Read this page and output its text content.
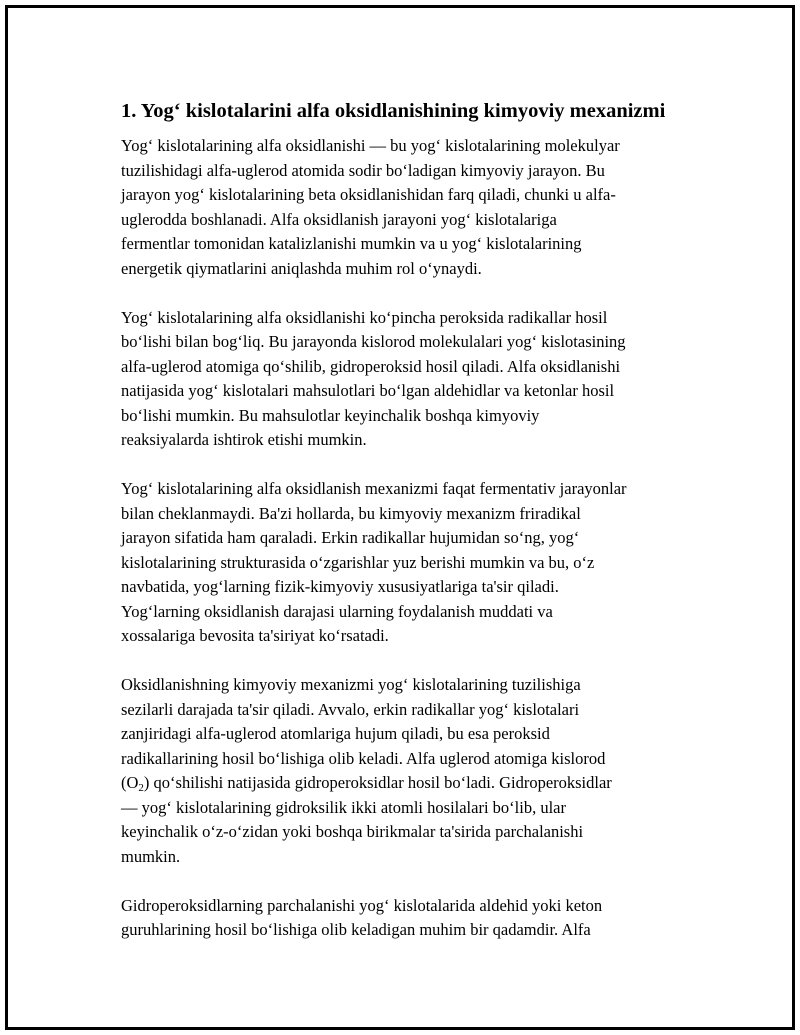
1. Yog‘ kislotalarini alfa oksidlanishining kimyoviy mexanizmi

Yog‘ kislotalarining alfa oksidlanishi — bu yog‘ kislotalarining molekulyar
tuzilishidagi alfa-uglerod atomida sodir bo‘ladigan kimyoviy jarayon. Bu
jarayon yog‘ kislotalarining beta oksidlanishidan farq qiladi, chunki u alfa-
uglerodda boshlanadi. Alfa oksidlanish jarayoni yog‘ kislotalariga
fermentlar tomonidan katalizlanishi mumkin va u yog‘ kislotalarining
energetik qiymatlarini aniqlashda muhim rol o‘ynaydi.

Yog‘ kislotalarining alfa oksidlanishi ko‘pincha peroksida radikallar hosil
bo‘lishi bilan bog‘liq. Bu jarayonda kislorod molekulalari yog‘ kislotasining
alfa-uglerod atomiga qo‘shilib, gidroperoksid hosil qiladi. Alfa oksidlanishi
natijasida yog‘ kislotalari mahsulotlari bo‘lgan aldehidlar va ketonlar hosil
bo‘lishi mumkin. Bu mahsulotlar keyinchalik boshqa kimyoviy
reaksiyalarda ishtirok etishi mumkin.

Yog‘ kislotalarining alfa oksidlanish mexanizmi faqat fermentativ jarayonlar
bilan cheklanmaydi. Ba'zi hollarda, bu kimyoviy mexanizm friradikal
jarayon sifatida ham qaraladi. Erkin radikallar hujumidan so‘ng, yog‘
kislotalarining strukturasida o‘zgarishlar yuz berishi mumkin va bu, o‘z
navbatida, yog‘larning fizik-kimyoviy xususiyatlariga ta'sir qiladi.
Yog‘larning oksidlanish darajasi ularning foydalanish muddati va
xossalariga bevosita ta'siriyat ko‘rsatadi.

Oksidlanishning kimyoviy mexanizmi yog‘ kislotalarining tuzilishiga
sezilarli darajada ta'sir qiladi. Avvalo, erkin radikallar yog‘ kislotalari
zanjiridagi alfa-uglerod atomlariga hujum qiladi, bu esa peroksid
radikallarining hosil bo‘lishiga olib keladi. Alfa uglerod atomiga kislorod
$(O_2)$ qo‘shilishi natijasida gidroperoksidlar hosil bo‘ladi. Gidroperoksidlar
— yog‘ kislotalarining gidroksilik ikki atomli hosilalari bo‘lib, ular
keyinchalik o‘z-o‘zidan yoki boshqa birikmalar ta'sirida parchalanishi
mumkin.

Gidroperoksidlarning parchalanishi yog‘ kislotalarida aldehid yoki keton
guruhlarining hosil bo‘lishiga olib keladigan muhim bir qadamdir. Alfa
